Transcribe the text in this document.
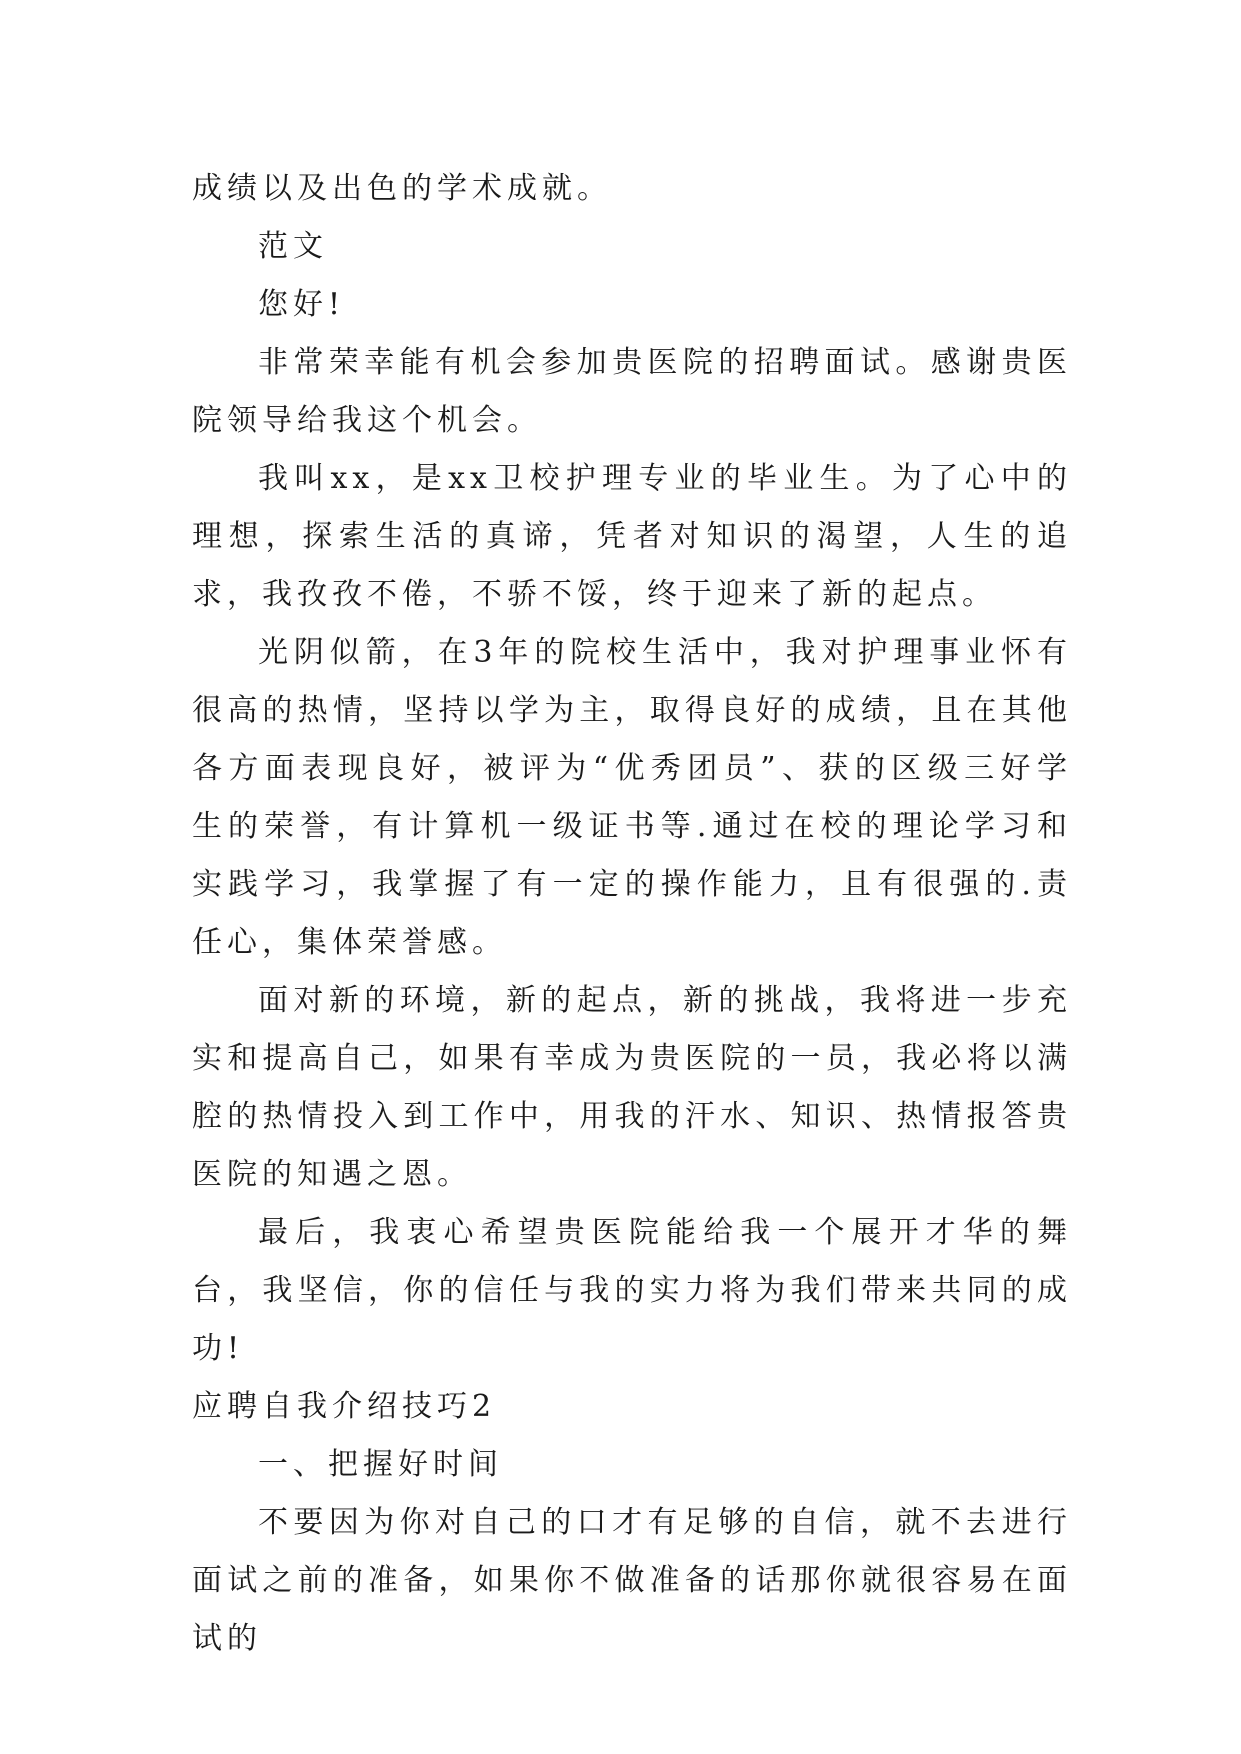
成绩以及出色的学术成就。

范文

您好!

非常荣幸能有机会参加贵医院的招聘面试。感谢贵医院领导给我这个机会。

我叫xx，是xx卫校护理专业的毕业生。为了心中的理想，探索生活的真谛，凭者对知识的渴望，人生的追求，我孜孜不倦，不骄不馁，终于迎来了新的起点。

光阴似箭，在3年的院校生活中，我对护理事业怀有很高的热情，坚持以学为主，取得良好的成绩，且在其他各方面表现良好，被评为“优秀团员”、获的区级三好学生的荣誉，有计算机一级证书等.通过在校的理论学习和实践学习，我掌握了有一定的操作能力，且有很强的.责任心，集体荣誉感。

面对新的环境，新的起点，新的挑战，我将进一步充实和提高自己，如果有幸成为贵医院的一员，我必将以满腔的热情投入到工作中，用我的汗水、知识、热情报答贵医院的知遇之恩。

最后，我衷心希望贵医院能给我一个展开才华的舞台，我坚信，你的信任与我的实力将为我们带来共同的成功!

应聘自我介绍技巧2

一、把握好时间

不要因为你对自己的口才有足够的自信，就不去进行面试之前的准备，如果你不做准备的话那你就很容易在面试的
